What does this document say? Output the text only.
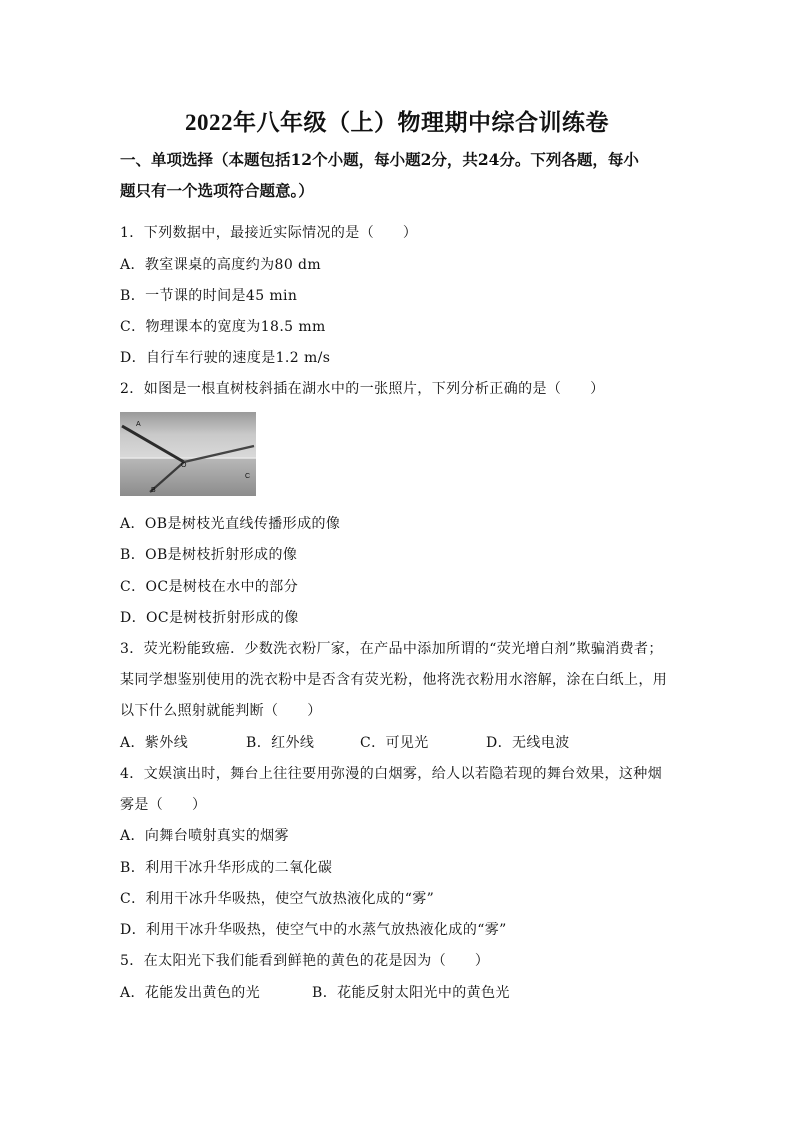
2022年八年级（上）物理期中综合训练卷
一、单项选择（本题包括12个小题，每小题2分，共24分。下列各题，每小
题只有一个选项符合题意。）
1．下列数据中，最接近实际情况的是（　　）
A．教室课桌的高度约为80 dm
B．一节课的时间是45 min
C．物理课本的宽度为18.5 mm
D．自行车行驶的速度是1.2 m/s
2．如图是一根直树枝斜插在湖水中的一张照片，下列分析正确的是（　　）
A
O
B
C
A．OB是树枝光直线传播形成的像
B．OB是树枝折射形成的像
C．OC是树枝在水中的部分
D．OC是树枝折射形成的像
3．荧光粉能致癌．少数洗衣粉厂家，在产品中添加所谓的“荧光增白剂”欺骗消费者；
某同学想鉴别使用的洗衣粉中是否含有荧光粉，他将洗衣粉用水溶解，涂在白纸上，用
以下什么照射就能判断（　　）
A．紫外线	B．红外线	C．可见光	D．无线电波
4．文娱演出时，舞台上往往要用弥漫的白烟雾，给人以若隐若现的舞台效果，这种烟
雾是（　　）
A．向舞台喷射真实的烟雾
B．利用干冰升华形成的二氧化碳
C．利用干冰升华吸热，使空气放热液化成的“雾”
D．利用干冰升华吸热，使空气中的水蒸气放热液化成的“雾”
5．在太阳光下我们能看到鲜艳的黄色的花是因为（　　）
A．花能发出黄色的光	B．花能反射太阳光中的黄色光
